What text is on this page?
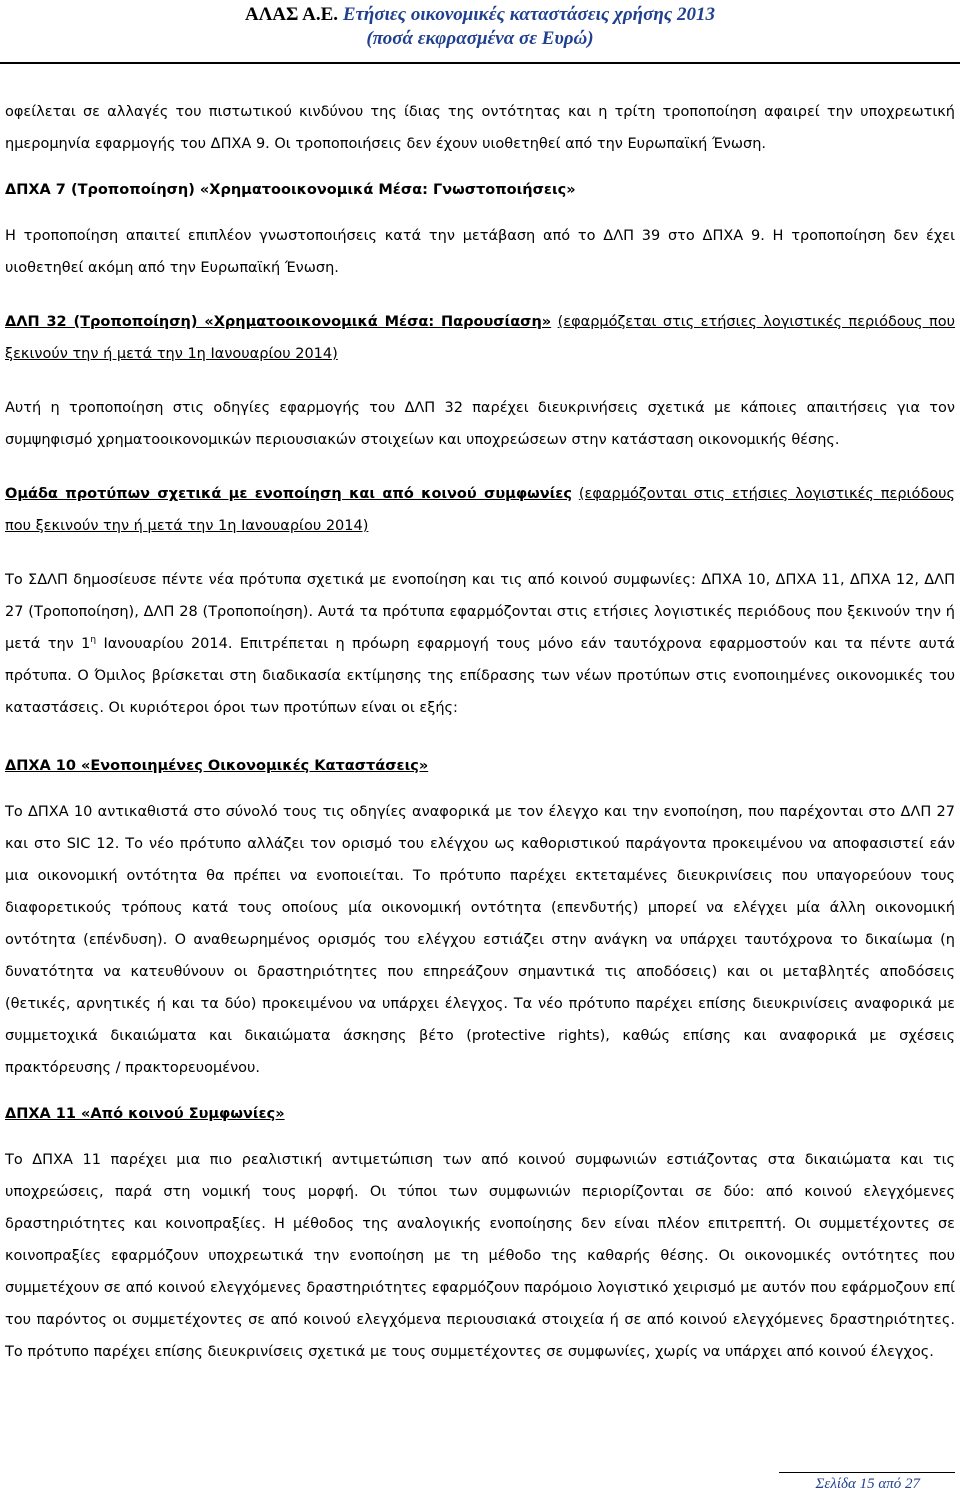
ΑΛΑΣ Α.Ε. Ετήσιες οικονομικές καταστάσεις χρήσης 2013
(ποσά εκφρασμένα σε Ευρώ)

οφείλεται σε αλλαγές του πιστωτικού κινδύνου της ίδιας της οντότητας και η τρίτη τροποποίηση αφαιρεί την υποχρεωτική ημερομηνία εφαρμογής του ΔΠΧΑ 9. Οι τροποποιήσεις δεν έχουν υιοθετηθεί από την Ευρωπαϊκή Ένωση.

ΔΠΧΑ 7 (Τροποποίηση) «Χρηματοοικονομικά Μέσα: Γνωστοποιήσεις»

Η τροποποίηση απαιτεί επιπλέον γνωστοποιήσεις κατά την μετάβαση από το ΔΛΠ 39 στο ΔΠΧΑ 9. Η τροποποίηση δεν έχει υιοθετηθεί ακόμη από την Ευρωπαϊκή Ένωση.

ΔΛΠ 32 (Τροποποίηση) «Χρηματοοικονομικά Μέσα: Παρουσίαση» (εφαρμόζεται στις ετήσιες λογιστικές περιόδους που ξεκινούν την ή μετά την 1η Ιανουαρίου 2014)

Αυτή η τροποποίηση στις οδηγίες εφαρμογής του ΔΛΠ 32 παρέχει διευκρινήσεις σχετικά με κάποιες απαιτήσεις για τον συμψηφισμό χρηματοοικονομικών περιουσιακών στοιχείων και υποχρεώσεων στην κατάσταση οικονομικής θέσης.

Ομάδα προτύπων σχετικά με ενοποίηση και από κοινού συμφωνίες (εφαρμόζονται στις ετήσιες λογιστικές περιόδους που ξεκινούν την ή μετά την 1η Ιανουαρίου 2014)

Το ΣΔΛΠ δημοσίευσε πέντε νέα πρότυπα σχετικά με ενοποίηση και τις από κοινού συμφωνίες: ΔΠΧΑ 10, ΔΠΧΑ 11, ΔΠΧΑ 12, ΔΛΠ 27 (Τροποποίηση), ΔΛΠ 28 (Τροποποίηση). Αυτά τα πρότυπα εφαρμόζονται στις ετήσιες λογιστικές περιόδους που ξεκινούν την ή μετά την $1^\eta$ Ιανουαρίου 2014. Επιτρέπεται η πρόωρη εφαρμογή τους μόνο εάν ταυτόχρονα εφαρμοστούν και τα πέντε αυτά πρότυπα. Ο Όμιλος βρίσκεται στη διαδικασία εκτίμησης της επίδρασης των νέων προτύπων στις ενοποιημένες οικονομικές του καταστάσεις. Οι κυριότεροι όροι των προτύπων είναι οι εξής:

ΔΠΧΑ 10 «Ενοποιημένες Οικονομικές Καταστάσεις»

Το ΔΠΧΑ 10 αντικαθιστά στο σύνολό τους τις οδηγίες αναφορικά με τον έλεγχο και την ενοποίηση, που παρέχονται στο ΔΛΠ 27 και στο SIC 12. Το νέο πρότυπο αλλάζει τον ορισμό του ελέγχου ως καθοριστικού παράγοντα προκειμένου να αποφασιστεί εάν μια οικονομική οντότητα θα πρέπει να ενοποιείται. Το πρότυπο παρέχει εκτεταμένες διευκρινίσεις που υπαγορεύουν τους διαφορετικούς τρόπους κατά τους οποίους μία οικονομική οντότητα (επενδυτής) μπορεί να ελέγχει μία άλλη οικονομική οντότητα (επένδυση). Ο αναθεωρημένος ορισμός του ελέγχου εστιάζει στην ανάγκη να υπάρχει ταυτόχρονα το δικαίωμα (η δυνατότητα να κατευθύνουν οι δραστηριότητες που επηρεάζουν σημαντικά τις αποδόσεις) και οι μεταβλητές αποδόσεις (θετικές, αρνητικές ή και τα δύο) προκειμένου να υπάρχει έλεγχος. Τα νέο πρότυπο παρέχει επίσης διευκρινίσεις αναφορικά με συμμετοχικά δικαιώματα και δικαιώματα άσκησης βέτο (protective rights), καθώς επίσης και αναφορικά με σχέσεις πρακτόρευσης / πρακτορευομένου.

ΔΠΧΑ 11 «Από κοινού Συμφωνίες»

Το ΔΠΧΑ 11 παρέχει μια πιο ρεαλιστική αντιμετώπιση των από κοινού συμφωνιών εστιάζοντας στα δικαιώματα και τις υποχρεώσεις, παρά στη νομική τους μορφή. Οι τύποι των συμφωνιών περιορίζονται σε δύο: από κοινού ελεγχόμενες δραστηριότητες και κοινοπραξίες. Η μέθοδος της αναλογικής ενοποίησης δεν είναι πλέον επιτρεπτή. Οι συμμετέχοντες σε κοινοπραξίες εφαρμόζουν υποχρεωτικά την ενοποίηση με τη μέθοδο της καθαρής θέσης. Οι οικονομικές οντότητες που συμμετέχουν σε από κοινού ελεγχόμενες δραστηριότητες εφαρμόζουν παρόμοιο λογιστικό χειρισμό με αυτόν που εφάρμοζουν επί του παρόντος οι συμμετέχοντες σε από κοινού ελεγχόμενα περιουσιακά στοιχεία ή σε από κοινού ελεγχόμενες δραστηριότητες. Το πρότυπο παρέχει επίσης διευκρινίσεις σχετικά με τους συμμετέχοντες σε συμφωνίες, χωρίς να υπάρχει από κοινού έλεγχος.

Σελίδα 15 από 27
